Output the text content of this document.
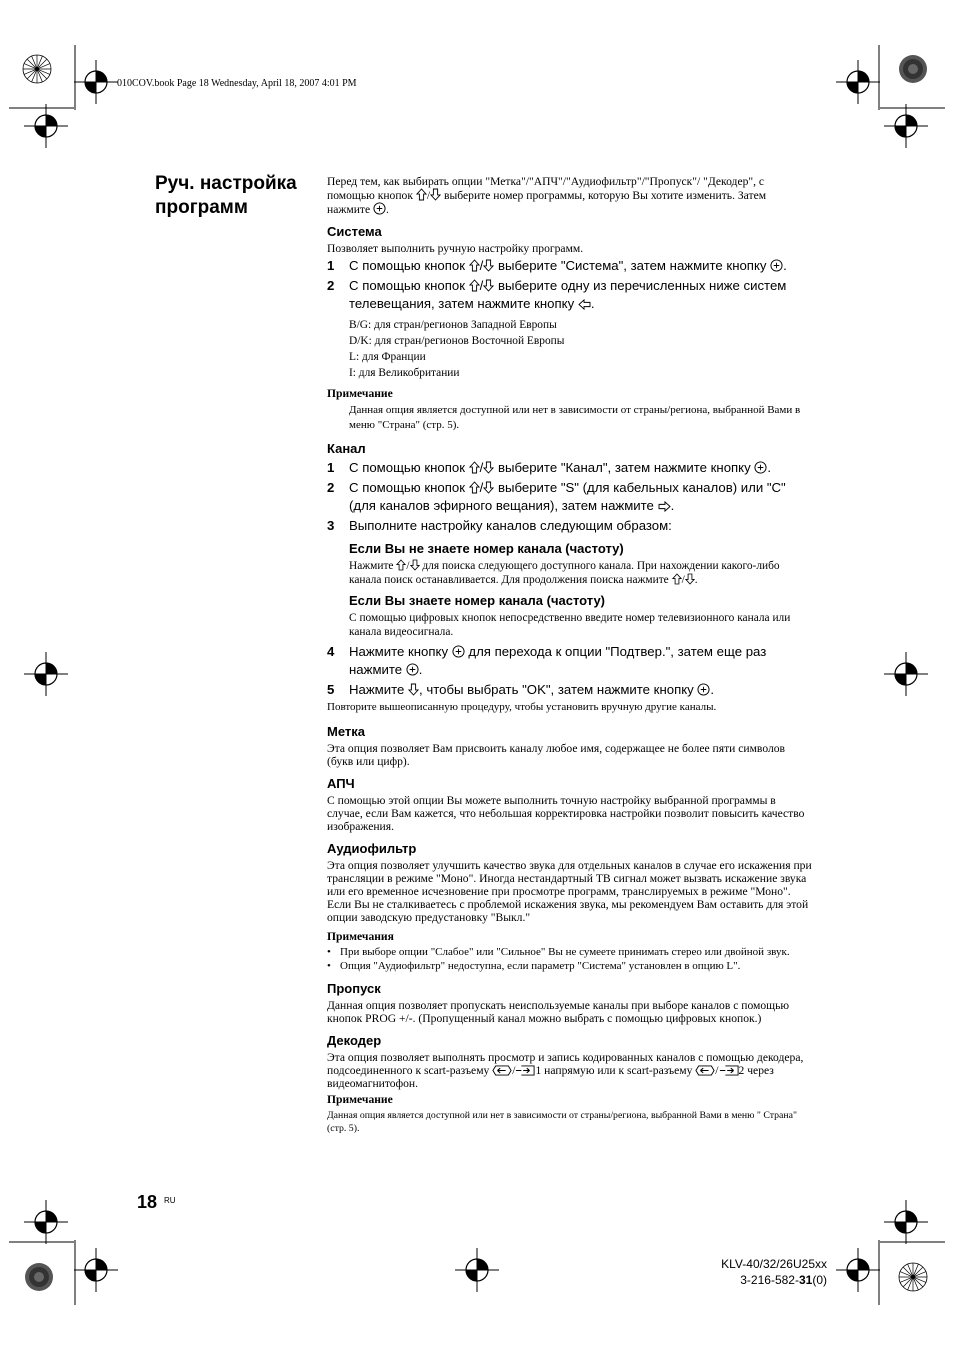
010COV.book Page 18 Wednesday, April 18, 2007 4:01 PM
Руч. настройка
программ

Перед тем, как выбирать опции "Метка"/"АПЧ"/"Аудиофильтр"/"Пропуск"/ "Декодер", с помощью кнопок / выберите номер программы, которую Вы хотите изменить. Затем нажмите .

Система

Позволяет выполнить ручную настройку программ.

1 С помощью кнопок / выберите "Система", затем нажмите кнопку .
2 С помощью кнопок / выберите одну из перечисленных ниже систем телевещания, затем нажмите кнопку .

B/G: для стран/регионов Западной Европы

D/K: для стран/регионов Восточной Европы

L: для Франции

I: для Великобритании

Примечание

Данная опция является доступной или нет в зависимости от страны/региона, выбранной Вами в меню "Страна" (стр. 5).

Канал
1 С помощью кнопок / выберите "Канал", затем нажмите кнопку .
2 С помощью кнопок / выберите "S" (для кабельных каналов) или "C" (для каналов эфирного вещания), затем нажмите .
3 Выполните настройку каналов следующим образом:
Если Вы не знаете номер канала (частоту)

Нажмите / для поиска следующего доступного канала. При нахождении какого-либо канала поиск останавливается. Для продолжения поиска нажмите / .

Если Вы знаете номер канала (частоту)

С помощью цифровых кнопок непосредственно введите номер телевизионного канала или канала видеосигнала.

4 Нажмите кнопку для перехода к опции "Подтвер.", затем еще раз нажмите .
5 Нажмите , чтобы выбрать "OK", затем нажмите кнопку .

Повторите вышеописанную процедуру, чтобы установить вручную другие каналы.

Метка

Эта опция позволяет Вам присвоить каналу любое имя, содержащее не более пяти символов (букв или цифр).

АПЧ

С помощью этой опции Вы можете выполнить точную настройку выбранной программы в случае, если Вам кажется, что небольшая корректировка настройки позволит повысить качество изображения.

Аудиофильтр

Эта опция позволяет улучшить качество звука для отдельных каналов в случае его искажения при трансляции в режиме "Моно". Иногда нестандартный ТВ сигнал может вызвать искажение звука или его временное исчезновение при просмотре программ, транслируемых в режиме "Моно".

Если Вы не сталкиваетесь с проблемой искажения звука, мы рекомендуем Вам оставить для этой опции заводскую предустановку "Выкл."

Примечания
• При выборе опции "Слабое" или "Сильное" Вы не сумеете принимать стерео или двойной звук.
• Опция "Аудиофильтр" недоступна, если параметр "Система" установлен в опцию L".
Пропуск

Данная опция позволяет пропускать неиспользуемые каналы при выборе каналов с помощью кнопок PROG +/-. (Пропущенный канал можно выбрать с помощью цифровых кнопок.)

Декодер

Эта опция позволяет выполнять просмотр и запись кодированных каналов с помощью декодера, подсоединенного к scart-разъему / 1 напрямую или к scart-разъему / 2 через видеомагнитофон.

Примечание

Данная опция является доступной или нет в зависимости от страны/региона, выбранной Вами в меню " Страна" (стр. 5).

18 RU
KLV-40/32/26U25xx
3-216-582-31(0)
